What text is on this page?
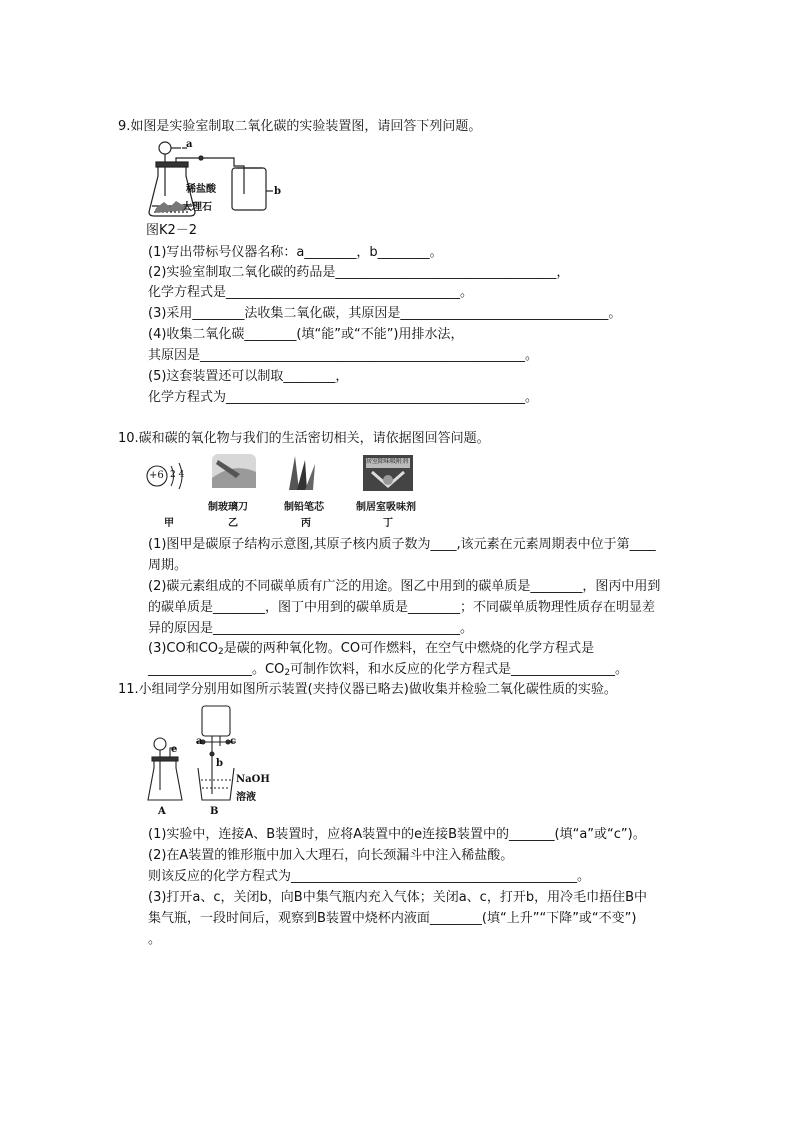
9.如图是实验室制取二氧化碳的实验装置图，请回答下列问题。
a
b
稀盐酸
大理石
图K2－2
(1)写出带标号仪器名称：a________，b________。
(2)实验室制取二氧化碳的药品是__________________________________，
化学方程式是____________________________________。
(3)采用________法收集二氧化碳，其原因是________________________________。
(4)收集二氧化碳________(填“能”或“不能”)用排水法，
其原因是__________________________________________________。
(5)这套装置还可以制取________，
化学方程式为______________________________________________。
10.碳和碳的氧化物与我们的生活密切相关，请依据图回答问题。
+6 2 4
居室除味吸附剂
制玻璃刀	制铅笔芯	制居室吸味剂
甲	乙	丙	丁
(1)图甲是碳原子结构示意图,其原子核内质子数为____,该元素在元素周期表中位于第____
周期。
(2)碳元素组成的不同碳单质有广泛的用途。图乙中用到的碳单质是________，图丙中用到
的碳单质是________，图丁中用到的碳单质是________；不同碳单质物理性质存在明显差
异的原因是______________________________________。
(3)CO和$CO_2$是碳的两种氧化物。CO可作燃料，在空气中燃烧的化学方程式是
________________。$CO_2$可制作饮料，和水反应的化学方程式是________________。
11.小组同学分别用如图所示装置(夹持仪器已略去)做收集并检验二氧化碳性质的实验。
e
a	c
b
NaOH
溶液
A	B
(1)实验中，连接A、B装置时，应将A装置中的e连接B装置中的_______(填“a”或“c”)。
(2)在A装置的锥形瓶中加入大理石，向长颈漏斗中注入稀盐酸。
则该反应的化学方程式为____________________________________________。
(3)打开a、c，关闭b，向B中集气瓶内充入气体；关闭a、c，打开b，用冷毛巾捂住B中
集气瓶，一段时间后，观察到B装置中烧杯内液面________(填“上升”“下降”或“不变”)
。
